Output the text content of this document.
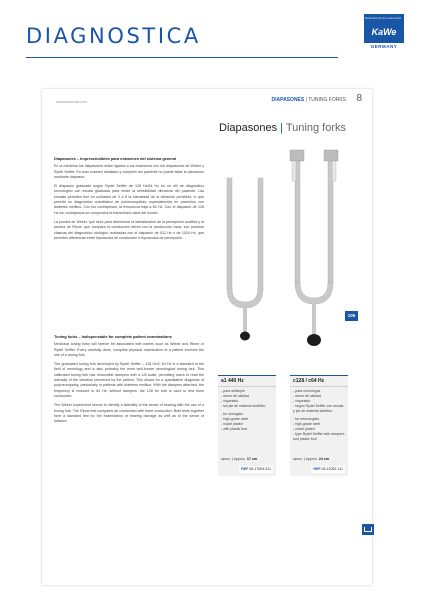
DIAGNOSTICA
Medizintechnik aus Leidenschaft
KaWe
GERMANY
www.kawemed.com	DIAPASONES | TUNING FORKS 8
Diapasones | Tuning forks
Diapasones – Imprescindibles para exámenes del sistema general

En la medicina los diapasones están ligados a los exámenes con los diapasones de Weber y Rydel Seiffer. En todo examen detallado y completo del paciente no puede faltar la valoración mediante diapasón.

El diapasón graduado según Rydel Seiffer de 128 Hz/64 Hz es un útil de diagnóstico neurológico con escala graduada para medir la sensibilidad vibratoria del paciente. Las escalas permiten leer en unidades de 0 a 8 la intensidad de la vibración percibida, lo que permite un diagnóstico cuantitativo de polineuropatías, especialmente en pacientes con diabetes mellitus. Con los contrapesos, la frecuencia baja a 64 Hz. Con el diapasón de 128 Hz sin contrapesos se comprueba la transmisión ósea del sonido.

La prueba de Weber, que sirve para determinar la lateralización de la percepción auditiva y la prueba de Rinne, que compara la conducción aérea con la conducción ósea, son pruebas clásicas del diagnóstico otológico realizadas con el diapasón de 512 Hz o de 1024 Hz, que permiten diferenciar entre hipoacusia de conducción e hipoacusia de percepción.

Tuning forks – Indispensable for complete patient examinations

Medicinal tuning forks will forever be associated with names such as Weber and Rinne or Rydel Seiffer. Every carefully done, complete physical examination of a patient involves the use of a tuning fork.

The graduated tuning fork developed by Rydel Seiffer – 128 Hz/C 64 Hz is a standard in the field of neurology and is also probably the most well-known neurological tuning fork. This calibrated tuning fork has removable dampers with a 1/8 scale, permitting users to read the intensity of the vibration perceived by the patient. This allows for a quantitative diagnosis of polyneuropathy, particularly in patients with diabetes mellitus. With the dampers attached, the frequency is reduced to 64 Hz; without dampers, the 128 Hz fork is used to test bone conduction.

The Weber experiment serves to identify a laterality of the sense of hearing with the use of a tuning fork. The Rinne test compares air conduction with bone conduction. Both tests together form a standard test for the examination of hearing damage as well as of the sense of balance.

105
a1 440 Hz
- para anillo/pie
- acero de calidad
- niquelado
- sin pie de material sintético
- for otologists
- high-grade steel
- nickel plated
- with plastic foot
aprox. | approx. 17 cm
REF 06.17004.011
c128 / c64 Hz
- para neurólogos
- acero de calidad
- niquelado
- según Rydel Seiffer con escala y pie de material sintético
- for neurologists
- high-grade steel
- nickel plated
- type Rydel Seiffer with dampers and plastic foot
aprox. | approx. 24 cm
REF 06.12052.111
